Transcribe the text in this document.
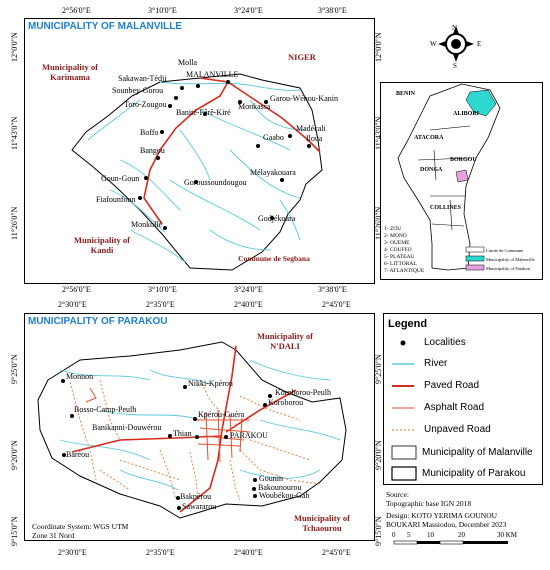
MUNICIPALITY OF MALANVILLE
2°56'0"E	3°10'0"E	3°24'0"E	3°38'0"E
2°56'0"E	3°10'0"E	3°24'0"E	3°38'0"E
12°0'0"N
11°43'0"N
11°26'0"N
12°0'0"N
11°43'0"N
11°26'0"N
Municipality of Karimama
NIGER
Municipality of Kandi
Commune de Segbana
Molla
MALANVILLE
Sakawan-Tédji
Sounbey-Gorou
Toro-Zougou	Monkassa
Garou-Wénou-Kanin
Banité-Fêrê-Kiré
Madécali
Iloua
Boffo
Gaabo
Bangou
Goun-Goun	Goroussoundougou
Mélayakouara
Fiafounfoun
Godjékoara
Monkollé
BENIN
ALIBORI
ATACORA
BORGOU
DONGA
COLLINES
1- ZOU
2- MONO
3- OUEME
4- COUFFO
5- PLATEAU
6- LITTORAL
7- ATLANTIQUE
Limite de Commune
Municipality of Malanville
Municipality of Parakou
N
W	E
S
MUNICIPALITY OF PARAKOU
2°30'0"E	2°35'0"E	2°40'0"E	2°45'0"E
2°30'0"E	2°35'0"E	2°40'0"E	2°45'0"E
9°25'0"N
9°20'0"N
9°15'0"N
9°25'0"N
9°20'0"N
9°15'0"N
Municipality of N'DALI
Municipality of Tchaourou
Monnon
Nikki-Kpérou
Koroborou-Peulh
Koroborou
Bosso-Camp-Peulh
Kpérou-Guéra
Banikanni-Douwérou
Thian	PARAKOU
Baréou
Gounin
Bakounourou
Woubékou-Gah
Bakpérou
Sawararou
Coordinate System: WGS UTM Zone 31 Nord
Legend
Localities
River
Paved Road
Asphalt Road
Unpaved Road
Municipality of Malanville
Municipality of Parakou
Source:
Topographic base IGN 2018
Design: KOTO YERIMA GOUNOU
BOUKARI Massiodou, December 2023
0 5 10	20	30 KM
